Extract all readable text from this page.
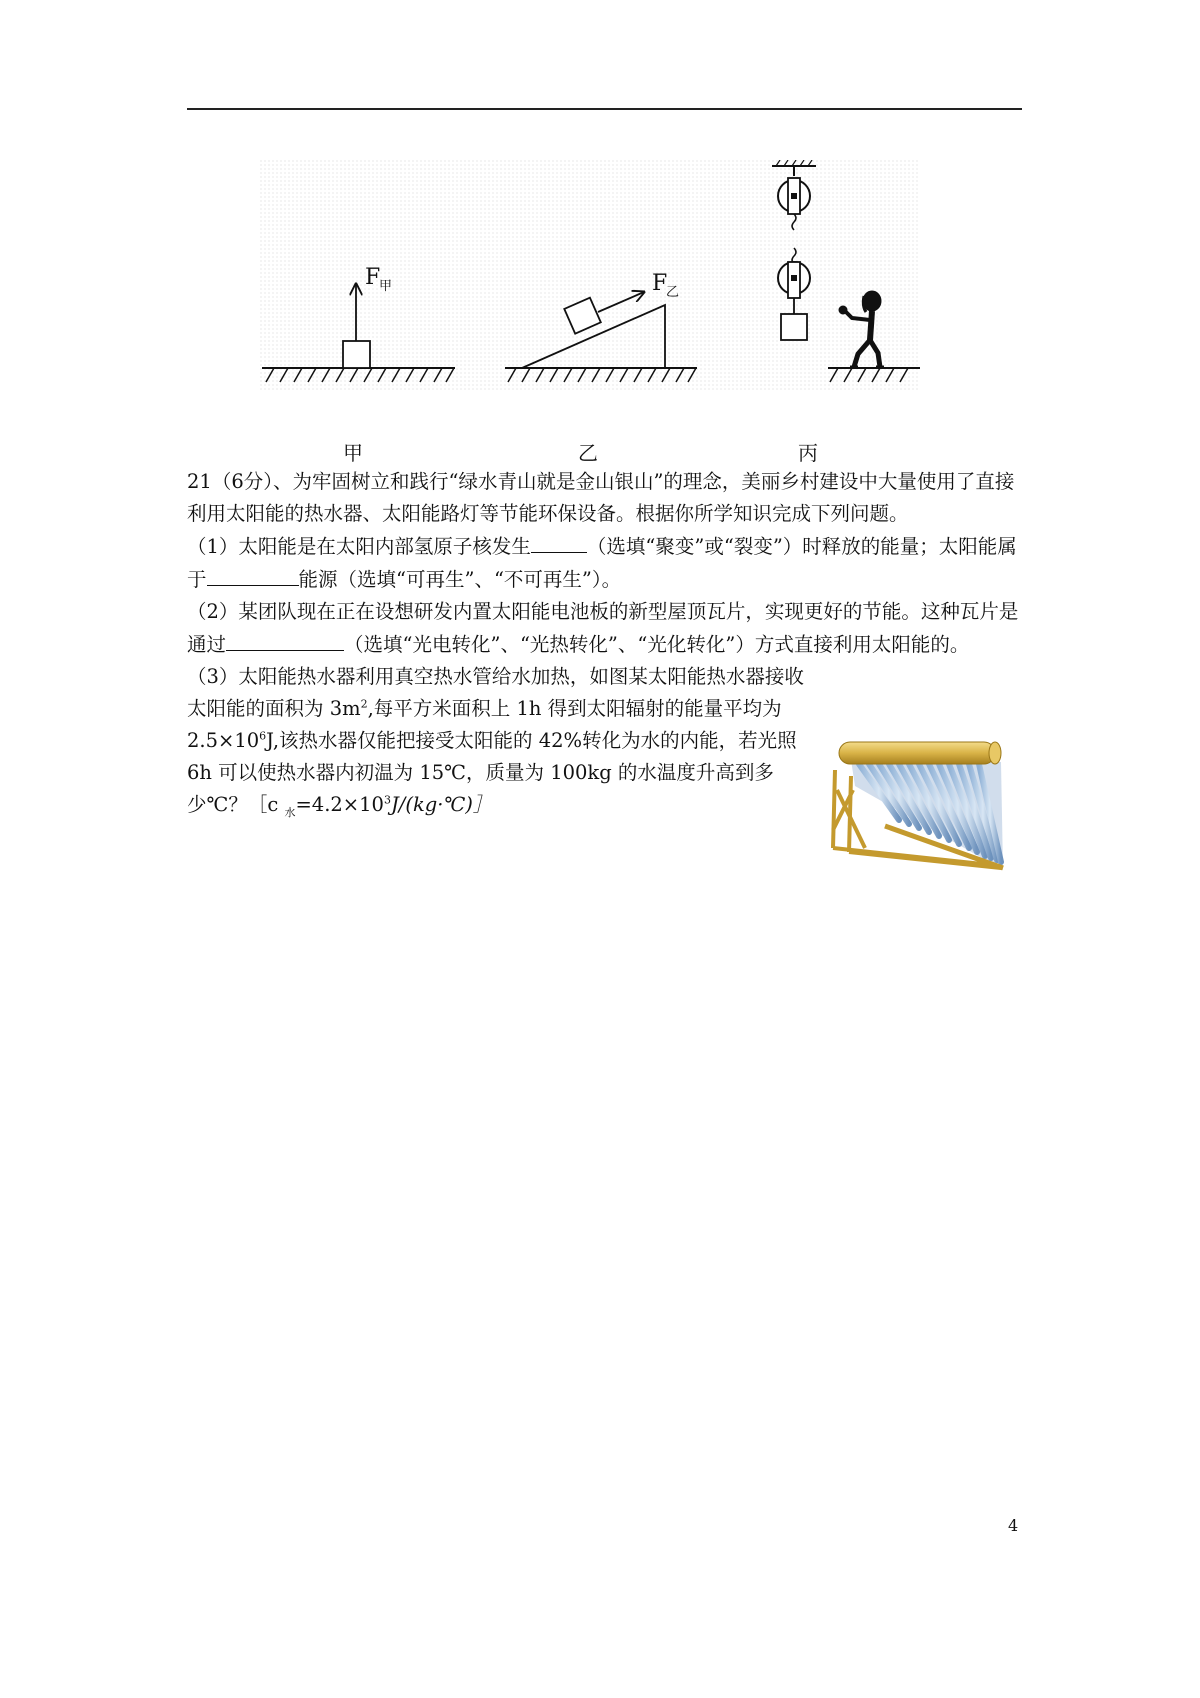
F
甲	F
乙
甲	乙	丙

21（6分）、为牢固树立和践行“绿水青山就是金山银山”的理念，美丽乡村建设中大量使用了直接利用太阳能的热水器、太阳能路灯等节能环保设备。根据你所学知识完成下列问题。

（1）太阳能是在太阳内部氢原子核发生	（选填“聚变”或“裂变”）时释放的能量；太阳能属于	能源（选填“可再生”、“不可再生”）。

（2）某团队现在正在设想研发内置太阳能电池板的新型屋顶瓦片，实现更好的节能。这种瓦片是通过	（选填“光电转化”、“光热转化”、“光化转化”）方式直接利用太阳能的。

（3）太阳能热水器利用真空热水管给水加热，如图某太阳能热水器接收太阳能的面积为 $3m^2$,每平方米面积上 1h 得到太阳辐射的能量平均为 $2.5\times 10^6J$,该热水器仅能把接受太阳能的 42%转化为水的内能，若光照 6h 可以使热水器内初温为 15℃，质量为 100kg 的水温度升高到多少℃？［c $_水=4.2\times 10^3J/(kg\cdot℃)]$

4
